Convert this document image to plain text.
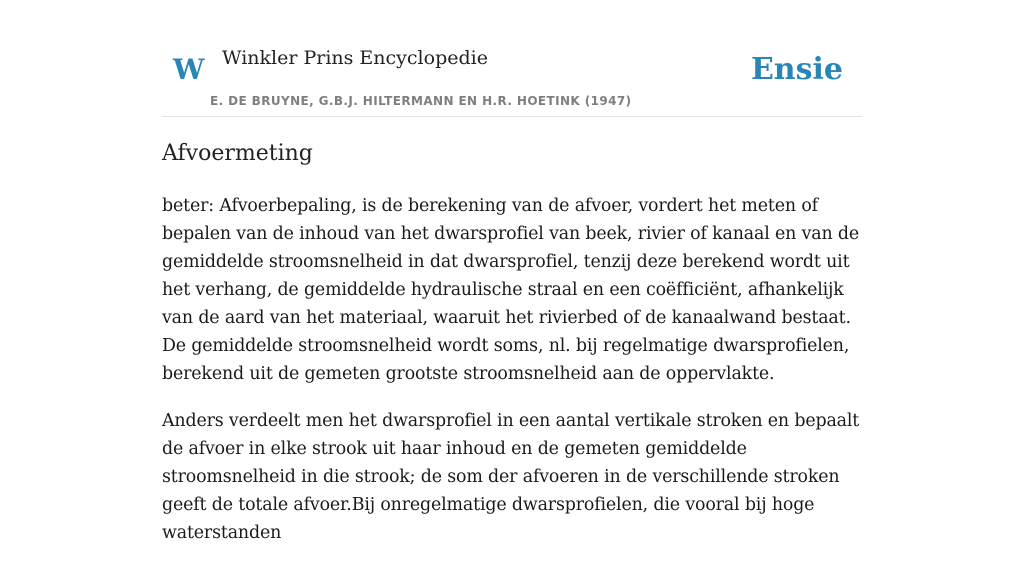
W Winkler Prins Encyclopedie
E. DE BRUYNE, G.B.J. HILTERMANN EN H.R. HOETINK (1947)
Ensie
Afvoermeting

beter: Afvoerbepaling, is de berekening van de afvoer, vordert het meten of bepalen van de inhoud van het dwarsprofiel van beek, rivier of kanaal en van de gemiddelde stroomsnelheid in dat dwarsprofiel, tenzij deze berekend wordt uit het verhang, de gemiddelde hydraulische straal en een coëfficiënt, afhankelijk van de aard van het materiaal, waaruit het rivierbed of de kanaalwand bestaat. De gemiddelde stroomsnelheid wordt soms, nl. bij regelmatige dwarsprofielen, berekend uit de gemeten grootste stroomsnelheid aan de oppervlakte.

Anders verdeelt men het dwarsprofiel in een aantal vertikale stroken en bepaalt de afvoer in elke strook uit haar inhoud en de gemeten gemiddelde stroomsnelheid in die strook; de som der afvoeren in de verschillende stroken geeft de totale afvoer.Bij onregelmatige dwarsprofielen, die vooral bij hoge waterstanden
